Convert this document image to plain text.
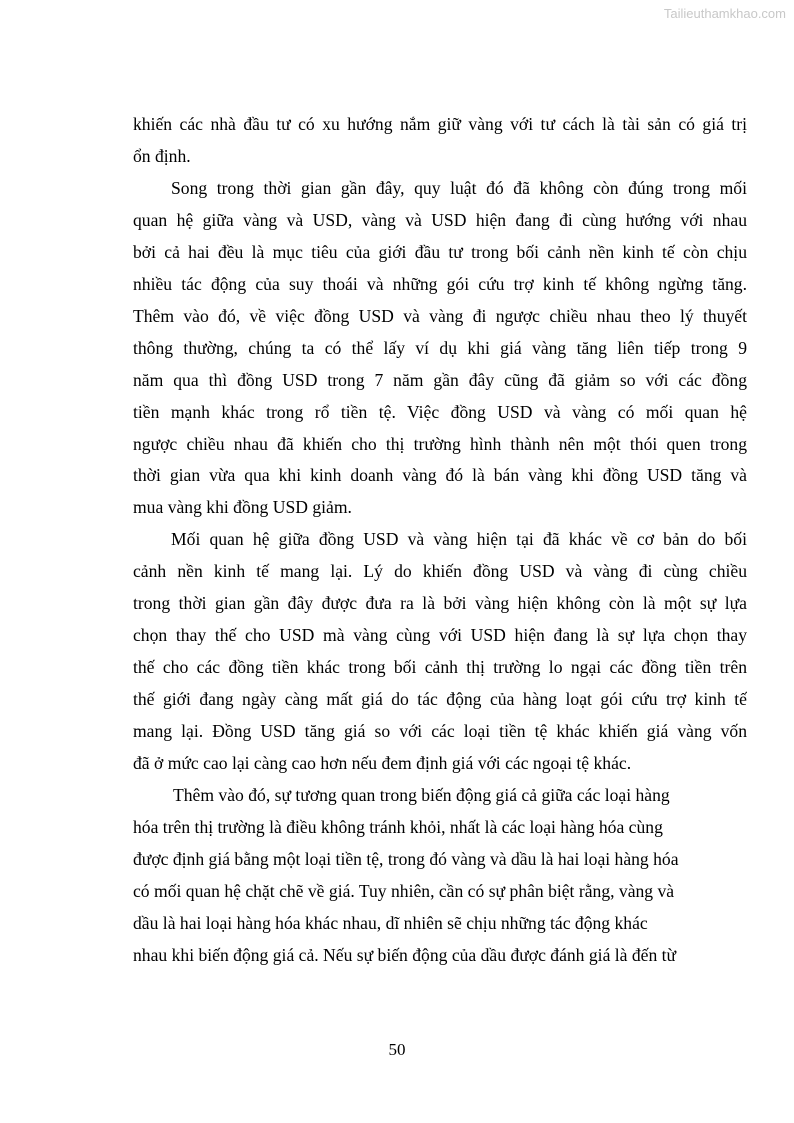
Tailieuthamkhao.com
khiến các nhà đầu tư có xu hướng nắm giữ vàng với tư cách là tài sản có giá trị
ổn định.
Song trong thời gian gần đây, quy luật đó đã không còn đúng trong mối
quan hệ giữa vàng và USD, vàng và USD hiện đang đi cùng hướng với nhau
bởi cả hai đều là mục tiêu của giới đầu tư trong bối cảnh nền kinh tế còn chịu
nhiều tác động của suy thoái và những gói cứu trợ kinh tế không ngừng tăng.
Thêm vào đó, về việc đồng USD và vàng đi ngược chiều nhau theo lý thuyết
thông thường, chúng ta có thể lấy ví dụ khi giá vàng tăng liên tiếp trong 9
năm qua thì đồng USD trong 7 năm gần đây cũng đã giảm so với các đồng
tiền mạnh khác trong rổ tiền tệ. Việc đồng USD và vàng có mối quan hệ
ngược chiều nhau đã khiến cho thị trường hình thành nên một thói quen trong
thời gian vừa qua khi kinh doanh vàng đó là bán vàng khi đồng USD tăng và
mua vàng khi đồng USD giảm.
Mối quan hệ giữa đồng USD và vàng hiện tại đã khác về cơ bản do bối
cảnh nền kinh tế mang lại. Lý do khiến đồng USD và vàng đi cùng chiều
trong thời gian gần đây được đưa ra là bởi vàng hiện không còn là một sự lựa
chọn thay thế cho USD mà vàng cùng với USD hiện đang là sự lựa chọn thay
thế cho các đồng tiền khác trong bối cảnh thị trường lo ngại các đồng tiền trên
thế giới đang ngày càng mất giá do tác động của hàng loạt gói cứu trợ kinh tế
mang lại. Đồng USD tăng giá so với các loại tiền tệ khác khiến giá vàng vốn
đã ở mức cao lại càng cao hơn nếu đem định giá với các ngoại tệ khác.
Thêm vào đó, sự tương quan trong biến động giá cả giữa các loại hàng
hóa trên thị trường là điều không tránh khỏi, nhất là các loại hàng hóa cùng
được định giá bằng một loại tiền tệ, trong đó vàng và dầu là hai loại hàng hóa
có mối quan hệ chặt chẽ về giá. Tuy nhiên, cần có sự phân biệt rằng, vàng và
dầu là hai loại hàng hóa khác nhau, dĩ nhiên sẽ chịu những tác động khác
nhau khi biến động giá cả. Nếu sự biến động của dầu được đánh giá là đến từ
50
